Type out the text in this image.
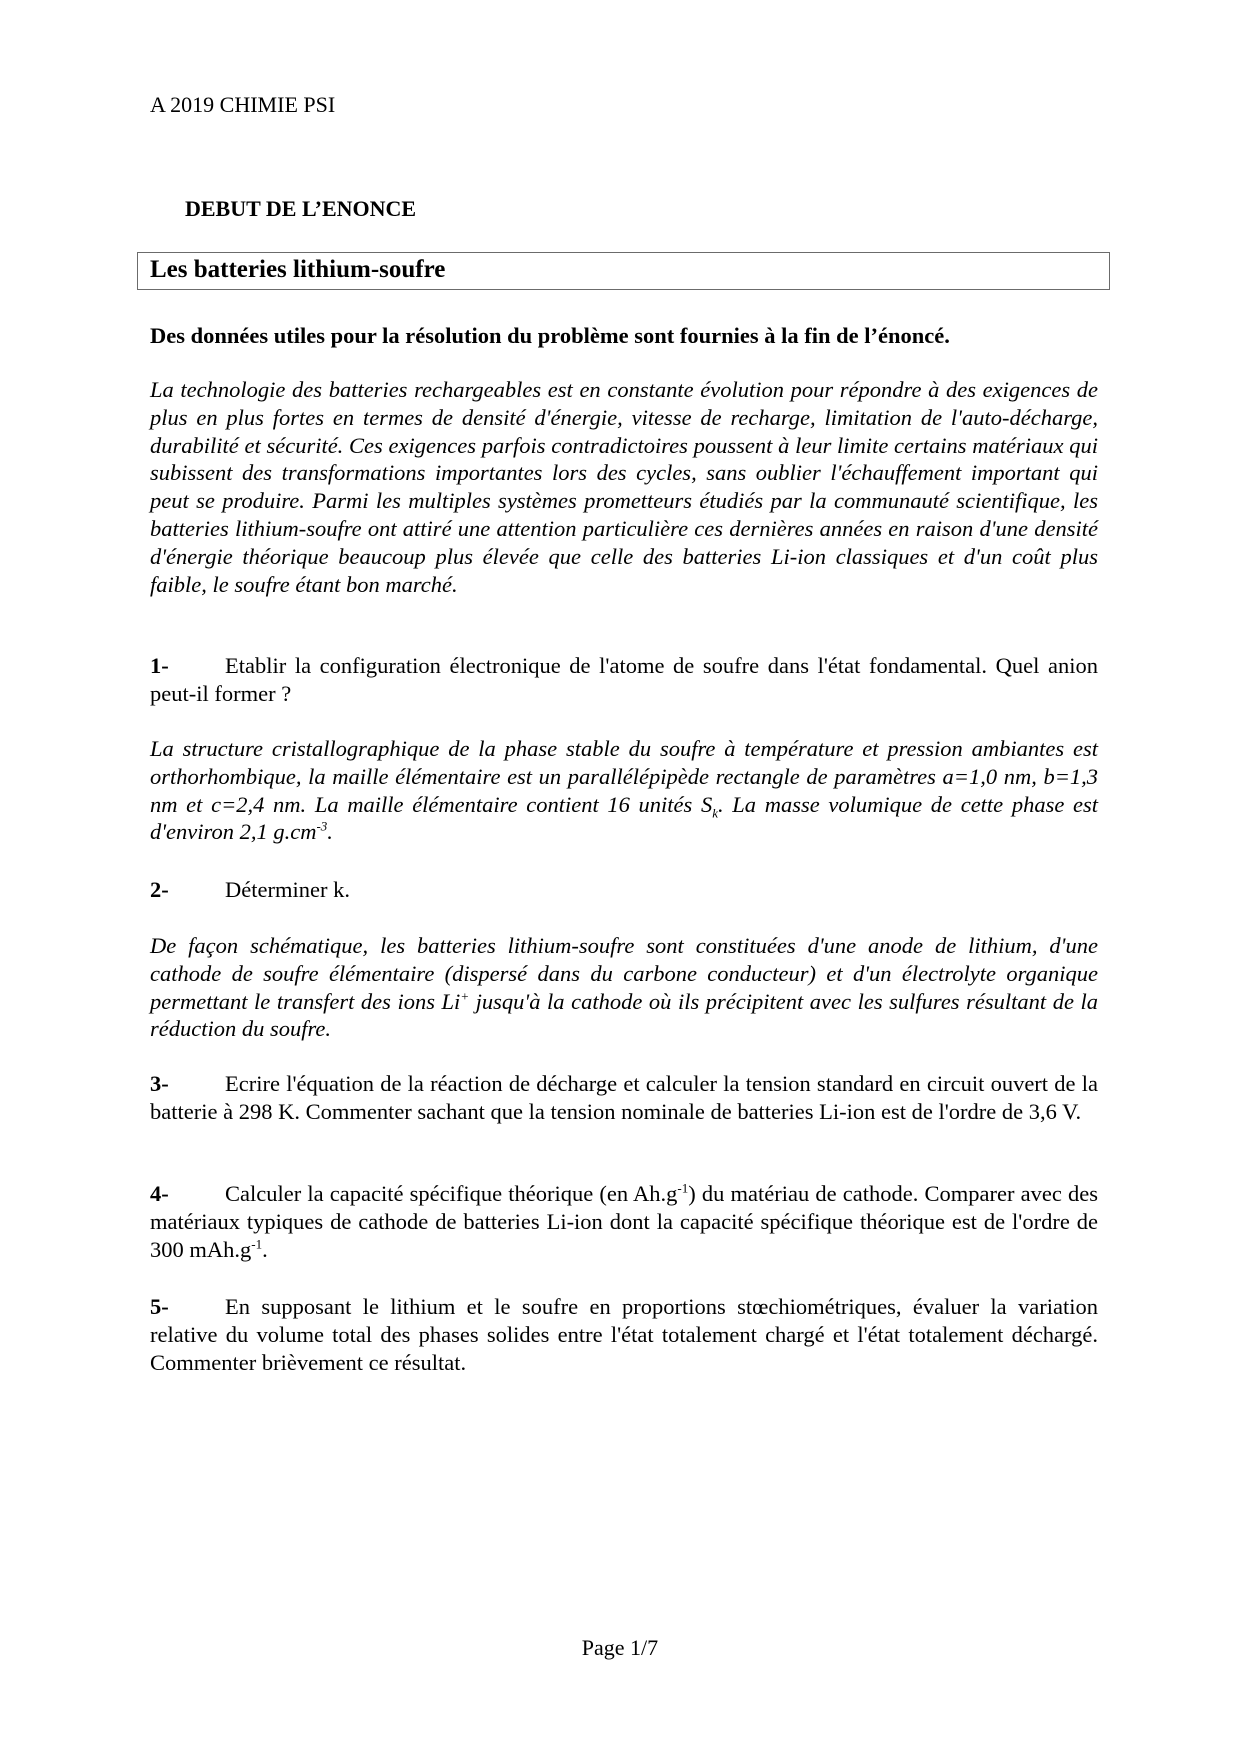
A 2019 CHIMIE PSI
DEBUT DE L’ENONCE
Les batteries lithium-soufre
Des données utiles pour la résolution du problème sont fournies à la fin de l’énoncé.
La technologie des batteries rechargeables est en constante évolution pour répondre à des exigences de plus en plus fortes en termes de densité d'énergie, vitesse de recharge, limitation de l'auto-décharge, durabilité et sécurité. Ces exigences parfois contradictoires poussent à leur limite certains matériaux qui subissent des transformations importantes lors des cycles, sans oublier l'échauffement important qui peut se produire. Parmi les multiples systèmes prometteurs étudiés par la communauté scientifique, les batteries lithium-soufre ont attiré une attention particulière ces dernières années en raison d'une densité d'énergie théorique beaucoup plus élevée que celle des batteries Li-ion classiques et d'un coût plus faible, le soufre étant bon marché.
1-	Etablir la configuration électronique de l'atome de soufre dans l'état fondamental. Quel anion peut-il former ?
La structure cristallographique de la phase stable du soufre à température et pression ambiantes est orthorhombique, la maille élémentaire est un parallélépipède rectangle de paramètres a=1,0 nm, b=1,3 nm et c=2,4 nm. La maille élémentaire contient 16 unités $S_k$. La masse volumique de cette phase est d'environ 2,1 $g.cm^{-3}$.
2-	Déterminer k.
De façon schématique, les batteries lithium-soufre sont constituées d'une anode de lithium, d'une cathode de soufre élémentaire (dispersé dans du carbone conducteur) et d'un électrolyte organique permettant le transfert des ions Li+ jusqu'à la cathode où ils précipitent avec les sulfures résultant de la réduction du soufre.
3-	Ecrire l'équation de la réaction de décharge et calculer la tension standard en circuit ouvert de la batterie à 298 K. Commenter sachant que la tension nominale de batteries Li-ion est de l'ordre de 3,6 V.
4-	Calculer la capacité spécifique théorique (en $Ah.g^{-1}$) du matériau de cathode. Comparer avec des matériaux typiques de cathode de batteries Li-ion dont la capacité spécifique théorique est de l'ordre de 300 $mAh.g^{-1}$.
5-	En supposant le lithium et le soufre en proportions stœchiométriques, évaluer la variation relative du volume total des phases solides entre l'état totalement chargé et l'état totalement déchargé. Commenter brièvement ce résultat.
Page 1/7
